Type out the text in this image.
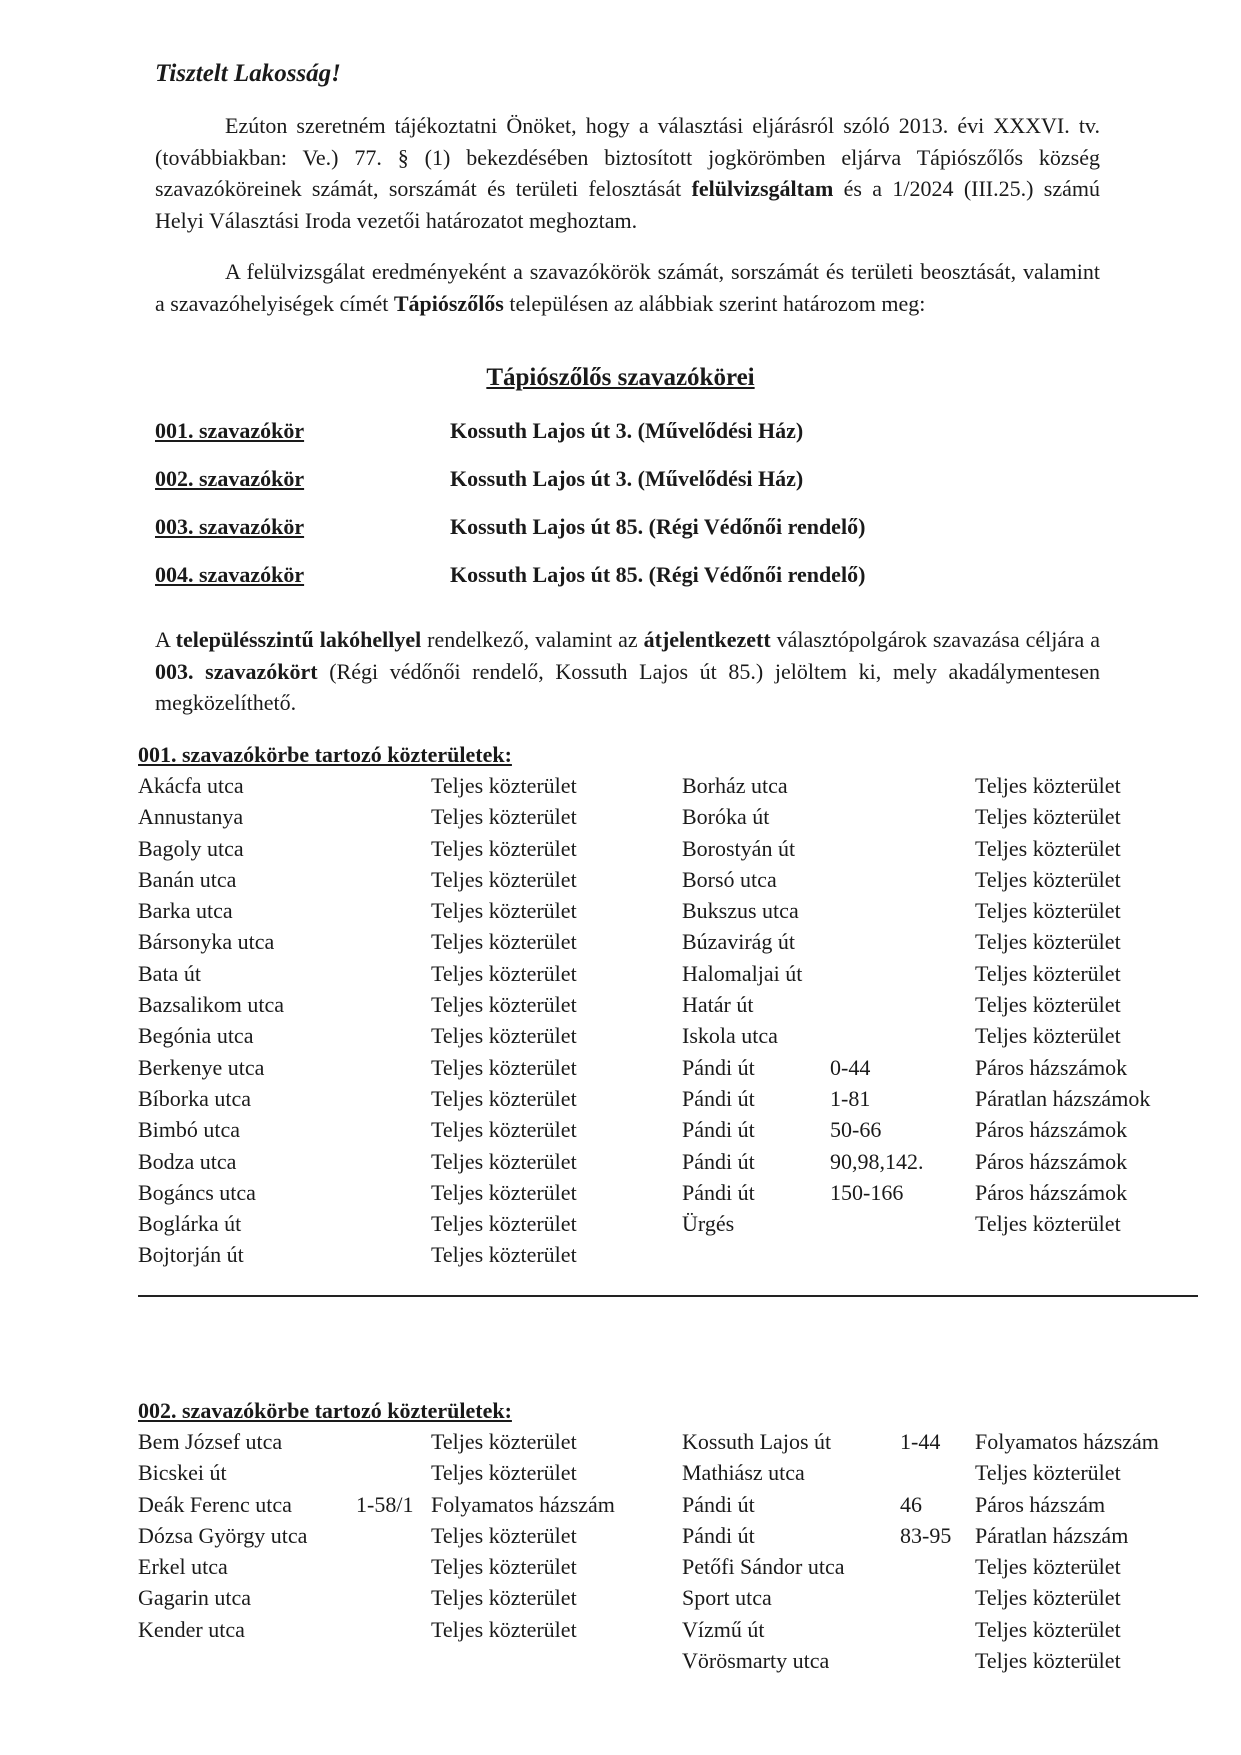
Tisztelt Lakosság!

Ezúton szeretném tájékoztatni Önöket, hogy a választási eljárásról szóló 2013. évi XXXVI. tv. (továbbiakban: Ve.) 77. § (1) bekezdésében biztosított jogkörömben eljárva Tápiószőlős község szavazóköreinek számát, sorszámát és területi felosztását felülvizsgáltam és a 1/2024 (III.25.) számú Helyi Választási Iroda vezetői határozatot meghoztam.

A felülvizsgálat eredményeként a szavazókörök számát, sorszámát és területi beosztását, valamint a szavazóhelyiségek címét Tápiószőlős településen az alábbiak szerint határozom meg:

Tápiószőlős szavazókörei
001. szavazókör	Kossuth Lajos út 3. (Művelődési Ház)
002. szavazókör	Kossuth Lajos út 3. (Művelődési Ház)
003. szavazókör	Kossuth Lajos út 85. (Régi Védőnői rendelő)
004. szavazókör	Kossuth Lajos út 85. (Régi Védőnői rendelő)

A településszintű lakóhellyel rendelkező, valamint az átjelentkezett választópolgárok szavazása céljára a 003. szavazókört (Régi védőnői rendelő, Kossuth Lajos út 85.) jelöltem ki, mely akadálymentesen megközelíthető.

001. szavazókörbe tartozó közterületek:
Akácfa utca	Teljes közterület
Annustanya	Teljes közterület
Bagoly utca	Teljes közterület
Banán utca	Teljes közterület
Barka utca	Teljes közterület
Bársonyka utca	Teljes közterület
Bata út	Teljes közterület
Bazsalikom utca	Teljes közterület
Begónia utca	Teljes közterület
Berkenye utca	Teljes közterület
Bíborka utca	Teljes közterület
Bimbó utca	Teljes közterület
Bodza utca	Teljes közterület
Bogáncs utca	Teljes közterület
Boglárka út	Teljes közterület
Bojtorján út	Teljes közterület
Borház utca	Teljes közterület
Boróka út	Teljes közterület
Borostyán út	Teljes közterület
Borsó utca	Teljes közterület
Bukszus utca	Teljes közterület
Búzavirág út	Teljes közterület
Halomaljai út	Teljes közterület
Határ út	Teljes közterület
Iskola utca	Teljes közterület
Pándi út	0-44	Páros házszámok
Pándi út	1-81	Páratlan házszámok
Pándi út	50-66	Páros házszámok
Pándi út	90,98,142. Páros házszámok
Pándi út	150-166	Páros házszámok
Ürgés	Teljes közterület
002. szavazókörbe tartozó közterületek:
Bem József utca	Teljes közterület
Bicskei út	Teljes közterület
Deák Ferenc utca	1-58/1 Folyamatos házszám
Dózsa György utca	Teljes közterület
Erkel utca	Teljes közterület
Gagarin utca	Teljes közterület
Kender utca	Teljes közterület
Kossuth Lajos út	1-44 Folyamatos házszám
Mathiász utca	Teljes közterület
Pándi út	46 Páros házszám
Pándi út	83-95 Páratlan házszám
Petőfi Sándor utca	Teljes közterület
Sport utca	Teljes közterület
Vízmű út	Teljes közterület
Vörösmarty utca	Teljes közterület
